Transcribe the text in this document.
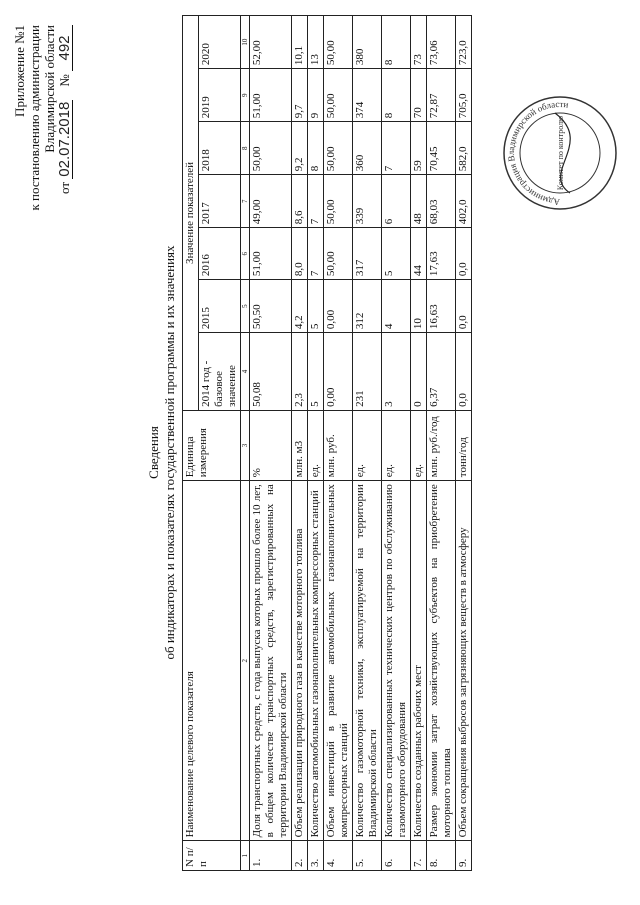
Приложение №1 к постановлению администрации Владимирской области
от 02.07.2018    № 492
Сведения об индикаторах и показателях государственной программы и их значениях
N п/п	Наименование целевого показателя	Единица измерения	Значение показателей						
			2014 год - базовое значение	2015	2016	2017	2018	2019	2020
1	2	3	4	5	6	7	8	9	10
1.	Доля транспортных средств, с года выпуска которых прошло более 10 лет, в общем количестве транспортных средств, зарегистрированных на территории Владимирской области	%	50,08	50,50	51,00	49,00	50,00	51,00	52,00
2.	Объем реализации природного газа в качестве моторного топлива	млн. м3	2,3	4,2	8,0	8,6	9,2	9,7	10,1
3.	Количество автомобильных газонаполнительных компрессорных станций	ед.	5	5	7	7	8	9	13
4.	Объем инвестиций в развитие автомобильных газонаполнительных компрессорных станций	млн. руб.	0,00	0,00	50,00	50,00	50,00	50,00	50,00
5.	Количество газомоторной техники, эксплуатируемой на территории Владимирской области	ед.	231	312	317	339	360	374	380
6.	Количество специализированных технических центров по обслуживанию газомоторного оборудования	ед.	3	4	5	6	7	8	8
7.	Количество созданных рабочих мест	ед.	0	10	44	48	59	70	73
8.	Размер экономии затрат хозяйствующих субъектов на приобретение моторного топлива	млн. руб./год	6,37	16,63	17,63	68,03	70,45	72,87	73,06
9.	Объем сокращения выбросов загрязняющих веществ в атмосферу	тонн/год	0,0	0,0	0,0	402,0	582,0	705,0	723,0
Администрация Владимирской области
Комитет по контролю
